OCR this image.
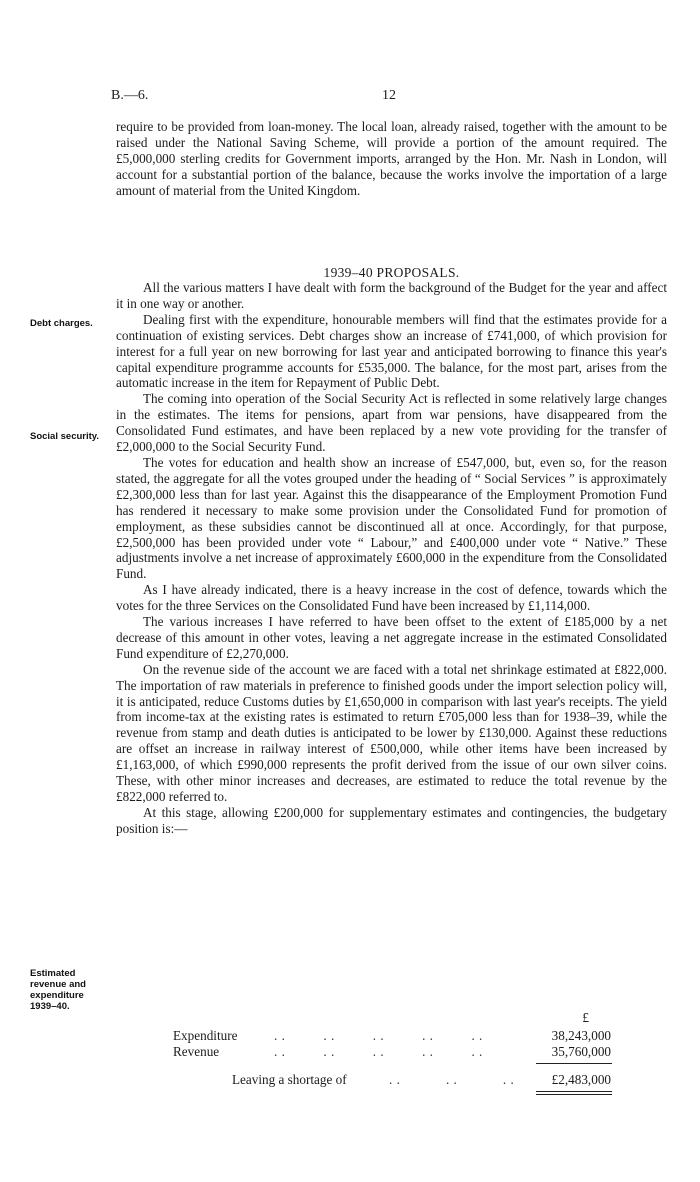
B.—6.	12

require to be provided from loan-money. The local loan, already raised, together with the amount to be raised under the National Saving Scheme, will provide a portion of the amount required. The £5,000,000 sterling credits for Government imports, arranged by the Hon. Mr. Nash in London, will account for a substantial portion of the balance, because the works involve the importation of a large amount of material from the United Kingdom.

1939–40 PROPOSALS.

All the various matters I have dealt with form the background of the Budget for the year and affect it in one way or another.

Dealing first with the expenditure, honourable members will find that the estimates provide for a continuation of existing services. Debt charges show an increase of £741,000, of which provision for interest for a full year on new borrowing for last year and anticipated borrowing to finance this year's capital expenditure programme accounts for £535,000. The balance, for the most part, arises from the automatic increase in the item for Repayment of Public Debt.

The coming into operation of the Social Security Act is reflected in some relatively large changes in the estimates. The items for pensions, apart from war pensions, have disappeared from the Consolidated Fund estimates, and have been replaced by a new vote providing for the transfer of £2,000,000 to the Social Security Fund.

The votes for education and health show an increase of £547,000, but, even so, for the reason stated, the aggregate for all the votes grouped under the heading of “ Social Services ” is approximately £2,300,000 less than for last year. Against this the disappearance of the Employment Promotion Fund has rendered it necessary to make some provision under the Consolidated Fund for promotion of employment, as these subsidies cannot be discontinued all at once. Accordingly, for that purpose, £2,500,000 has been provided under vote “ Labour,” and £400,000 under vote “ Native.” These adjustments involve a net increase of approximately £600,000 in the expenditure from the Consolidated Fund.

As I have already indicated, there is a heavy increase in the cost of defence, towards which the votes for the three Services on the Consolidated Fund have been increased by £1,114,000.

The various increases I have referred to have been offset to the extent of £185,000 by a net decrease of this amount in other votes, leaving a net aggregate increase in the estimated Consolidated Fund expenditure of £2,270,000.

On the revenue side of the account we are faced with a total net shrinkage estimated at £822,000. The importation of raw materials in preference to finished goods under the import selection policy will, it is anticipated, reduce Customs duties by £1,650,000 in comparison with last year's receipts. The yield from income-tax at the existing rates is estimated to return £705,000 less than for 1938–39, while the revenue from stamp and death duties is anticipated to be lower by £130,000. Against these reductions are offset an increase in railway interest of £500,000, while other items have been increased by £1,163,000, of which £990,000 represents the profit derived from the issue of our own silver coins. These, with other minor increases and decreases, are estimated to reduce the total revenue by the £822,000 referred to.

At this stage, allowing £200,000 for supplementary estimates and contingencies, the budgetary position is:—

Debt charges.
Social security.
Estimated revenue and expenditure 1939–40.
£
Expenditure	. .          . .          . .          . .          . .	38,243,000
Revenue	. .          . .          . .          . .          . .	35,760,000
Leaving a shortage of	. .            . .            . .	£2,483,000
